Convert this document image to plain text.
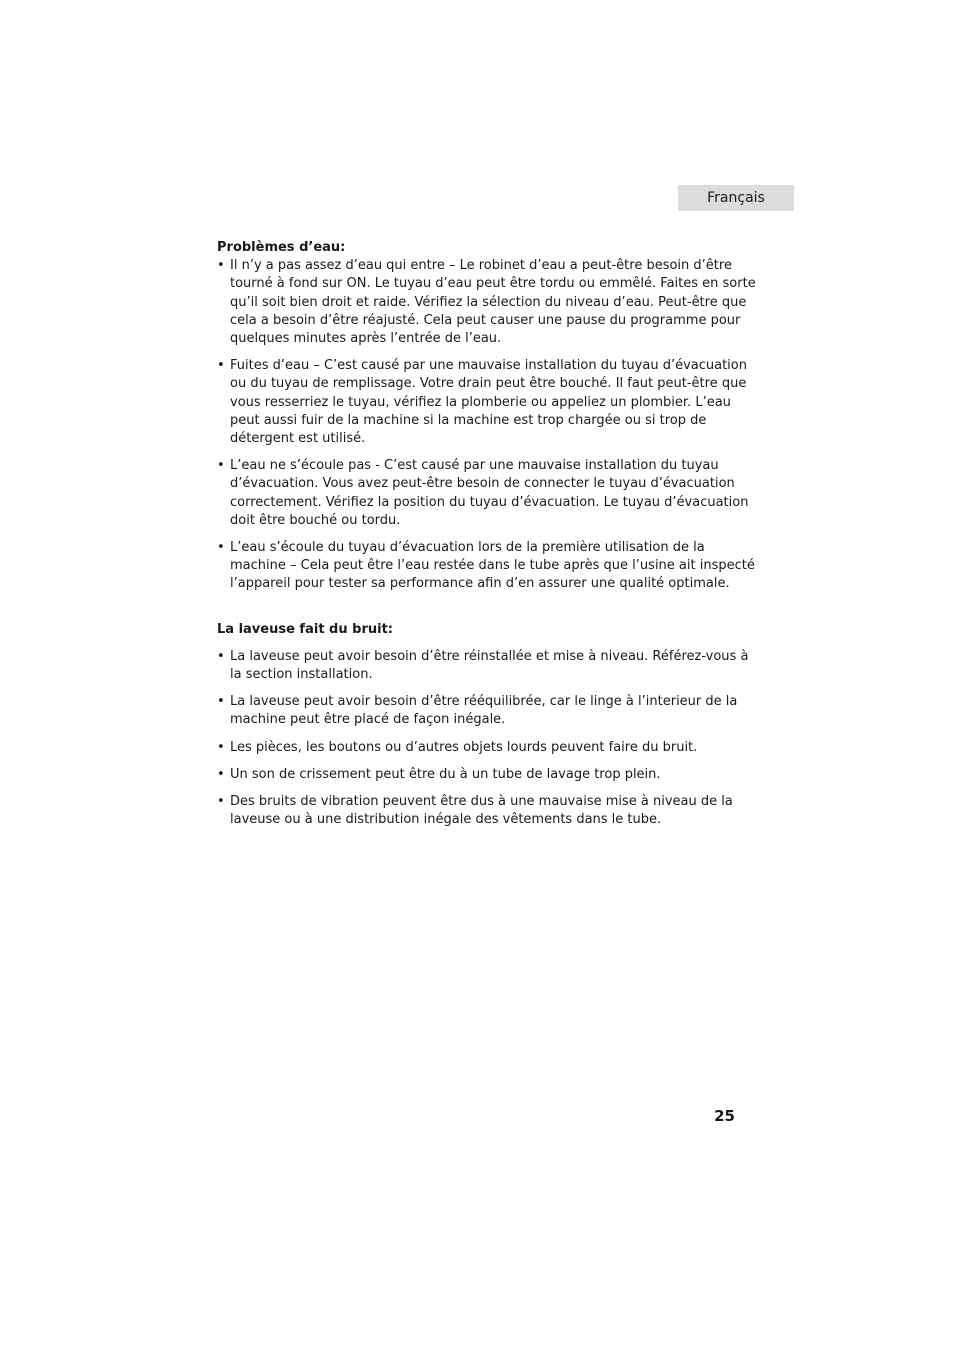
Français
Problèmes d’eau:
• Il n’y a pas assez d’eau qui entre – Le robinet d’eau a peut-être besoin d’être tourné à fond sur ON. Le tuyau d’eau peut être tordu ou emmêlé. Faites en sorte qu’il soit bien droit et raide. Vérifiez la sélection du niveau d’eau. Peut-être que cela a besoin d’être réajusté. Cela peut causer une pause du programme pour quelques minutes après l’entrée de l’eau.
• Fuites d’eau – C’est causé par une mauvaise installation du tuyau d’évacuation ou du tuyau de remplissage. Votre drain peut être bouché. Il faut peut-être que vous resserriez le tuyau, vérifiez la plomberie ou appeliez un plombier. L’eau peut aussi fuir de la machine si la machine est trop chargée ou si trop de détergent est utilisé.
• L’eau ne s’écoule pas - C’est causé par une mauvaise installation du tuyau d’évacuation. Vous avez peut-être besoin de connecter le tuyau d’évacuation correctement. Vérifiez la position du tuyau d’évacuation. Le tuyau d’évacuation doit être bouché ou tordu.
• L’eau s’écoule du tuyau d’évacuation lors de la première utilisation de la machine – Cela peut être l’eau restée dans le tube après que l’usine ait inspecté l’appareil pour tester sa performance afin d’en assurer une qualité optimale.
La laveuse fait du bruit:
• La laveuse peut avoir besoin d’être réinstallée et mise à niveau. Référez-vous à la section installation.
• La laveuse peut avoir besoin d’être rééquilibrée, car le linge à l’interieur de la machine peut être placé de façon inégale.
• Les pièces, les boutons ou d’autres objets lourds peuvent faire du bruit.
• Un son de crissement peut être du à un tube de lavage trop plein.
• Des bruits de vibration peuvent être dus à une mauvaise mise à niveau de la laveuse ou à une distribution inégale des vêtements dans le tube.
25
